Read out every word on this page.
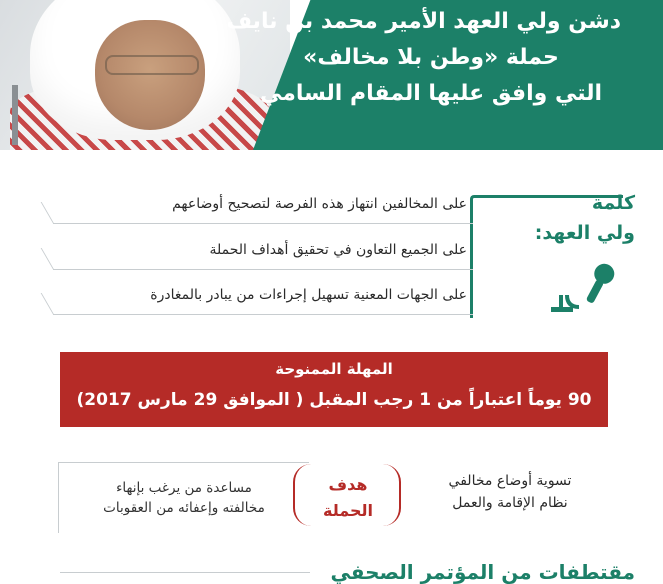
دشن ولي العهد الأمير محمد بن نايف
حملة «وطن بلا مخالف»
التي وافق عليها المقام السامي
كلمة
ولي العهد:
على المخالفين انتهاز هذه الفرصة لتصحيح أوضاعهم
على الجميع التعاون في تحقيق أهداف الحملة
على الجهات المعنية تسهيل إجراءات من يبادر بالمغادرة
المهلة الممنوحة
90 يوماً اعتباراً من 1 رجب المقبل ( الموافق 29 مارس 2017)
مساعدة من يرغب بإنهاء
مخالفته وإعفائه من العقوبات
هدف
الحملة
تسوية أوضاع مخالفي
نظام الإقامة والعمل
مقتطفات من المؤتمر الصحفي
